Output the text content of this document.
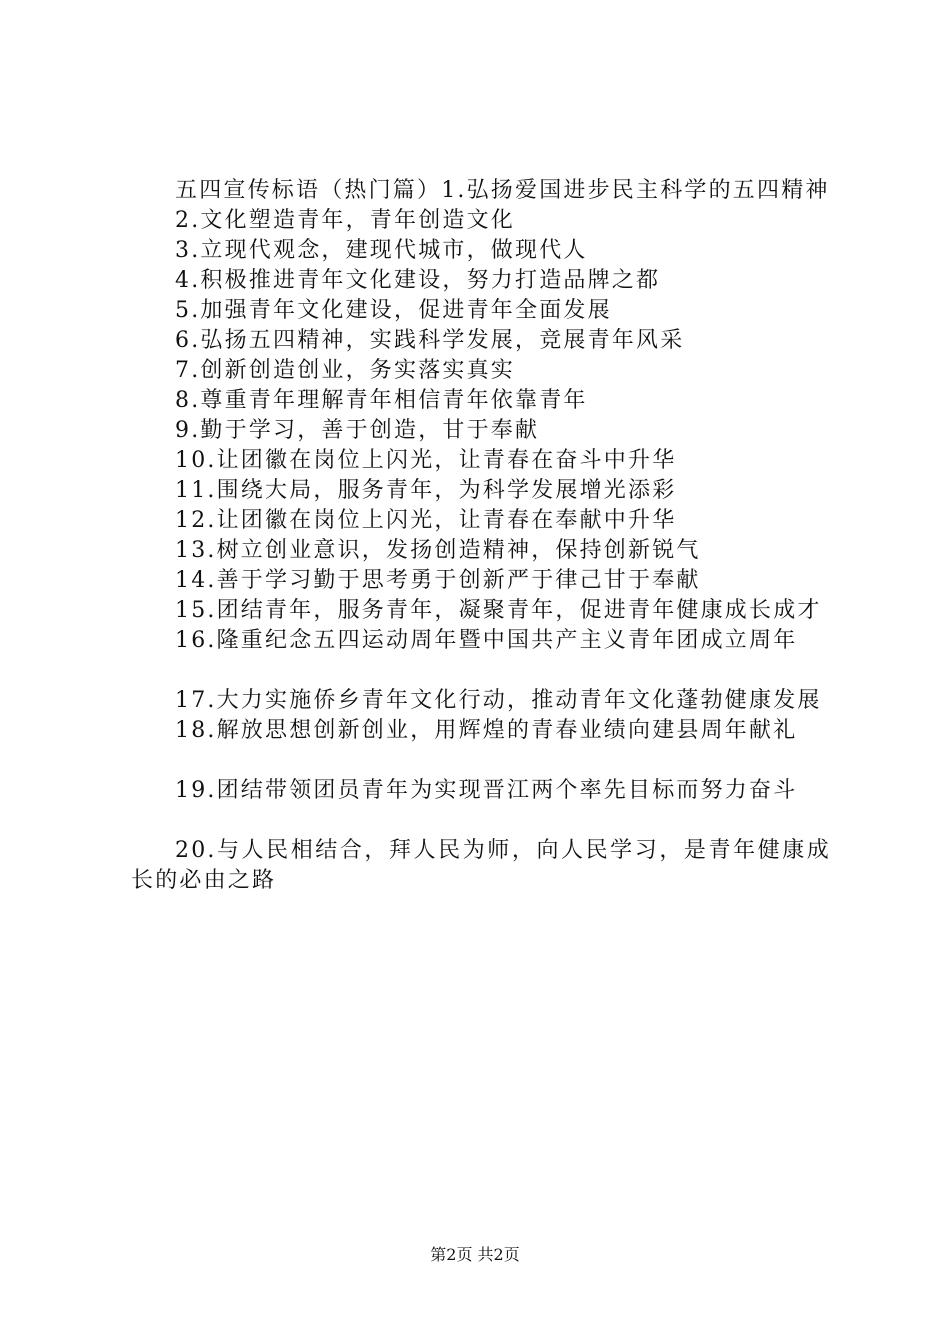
五四宣传标语（热门篇）1.弘扬爱国进步民主科学的五四精神

2.文化塑造青年，青年创造文化

3.立现代观念，建现代城市，做现代人

4.积极推进青年文化建设，努力打造品牌之都

5.加强青年文化建设，促进青年全面发展

6.弘扬五四精神，实践科学发展，竞展青年风采

7.创新创造创业，务实落实真实

8.尊重青年理解青年相信青年依靠青年

9.勤于学习，善于创造，甘于奉献

10.让团徽在岗位上闪光，让青春在奋斗中升华

11.围绕大局，服务青年，为科学发展增光添彩

12.让团徽在岗位上闪光，让青春在奉献中升华

13.树立创业意识，发扬创造精神，保持创新锐气

14.善于学习勤于思考勇于创新严于律己甘于奉献

15.团结青年，服务青年，凝聚青年，促进青年健康成长成才

16.隆重纪念五四运动周年暨中国共产主义青年团成立周年

17.大力实施侨乡青年文化行动，推动青年文化蓬勃健康发展

18.解放思想创新创业，用辉煌的青春业绩向建县周年献礼

19.团结带领团员青年为实现晋江两个率先目标而努力奋斗

20.与人民相结合，拜人民为师，向人民学习，是青年健康成长的必由之路

第2页 共2页
